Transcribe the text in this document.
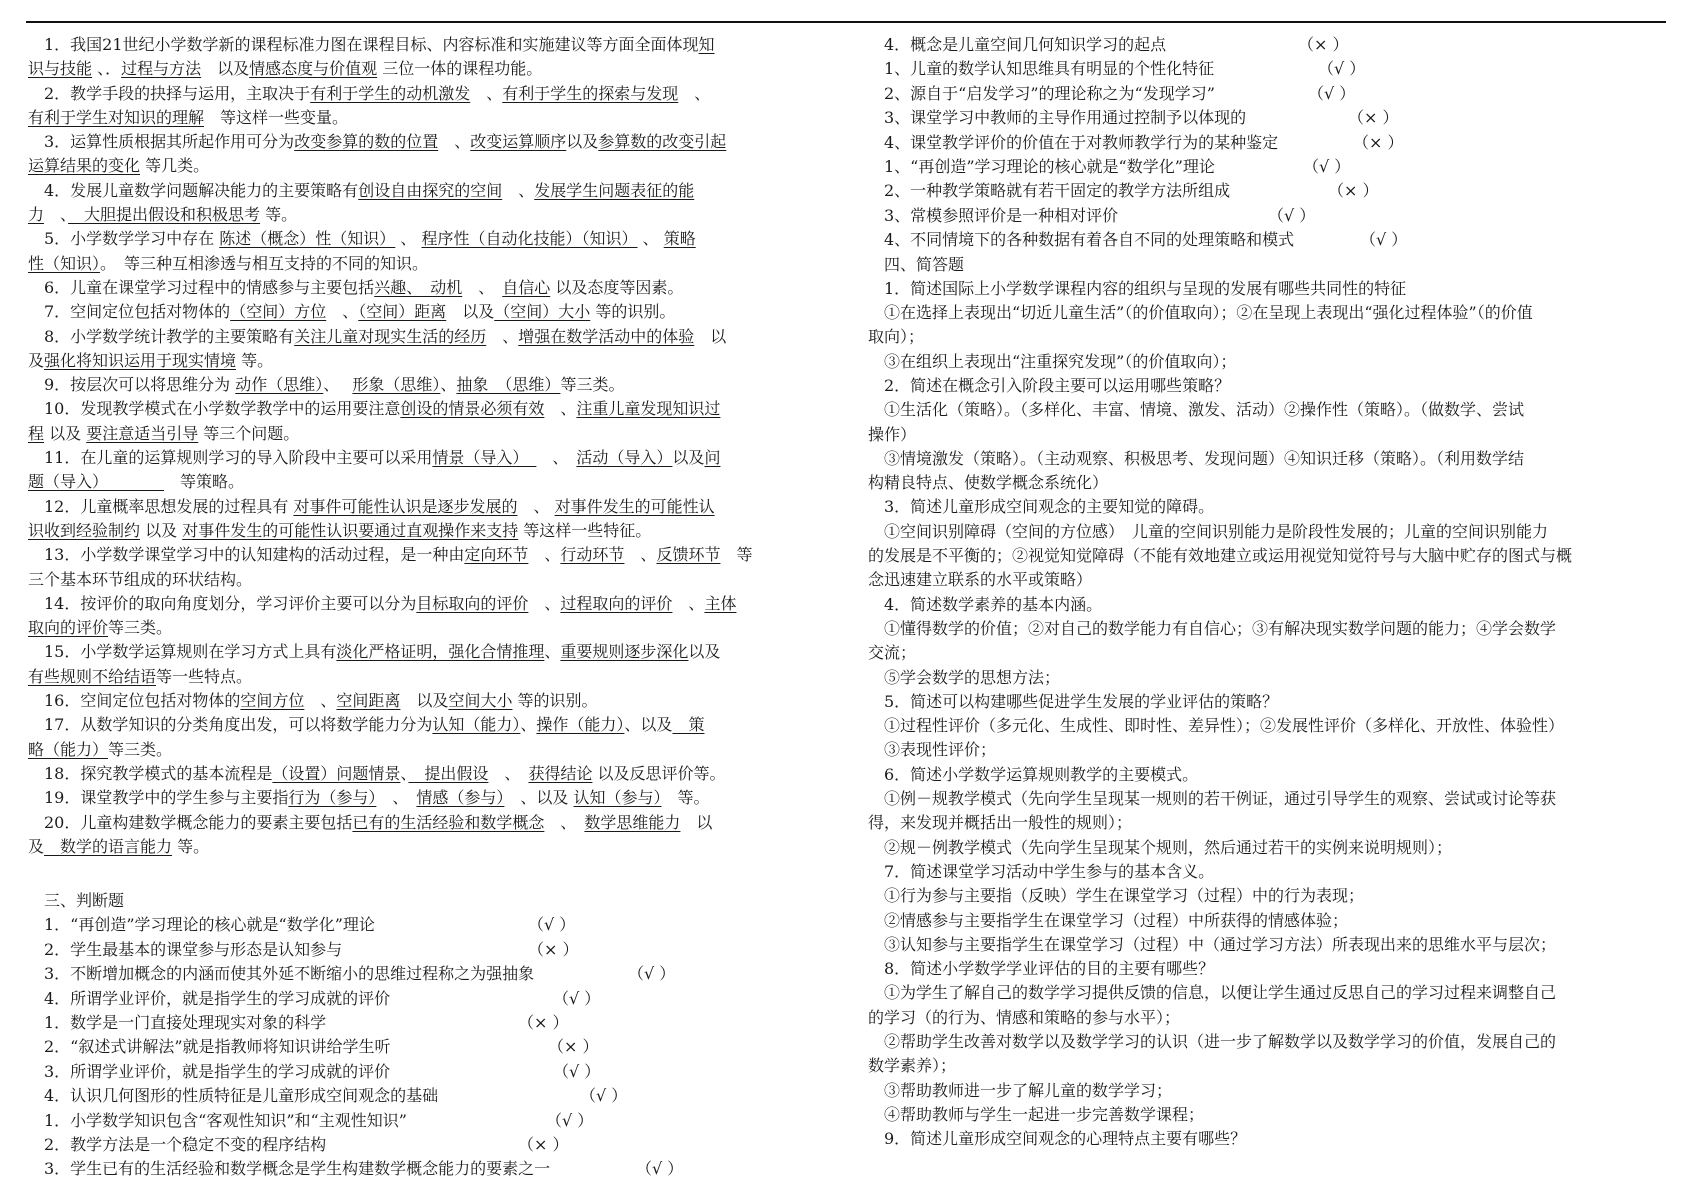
　1．我国21世纪小学数学新的课程标准力图在课程目标、内容标准和实施建议等方面全面体现知
识与技能 、．过程与方法　以及情感态度与价值观 三位一体的课程功能。
　2．教学手段的抉择与运用，主取决于有利于学生的动机激发　、有利于学生的探索与发现　、
有利于学生对知识的理解　等这样一些变量。
　3．运算性质根据其所起作用可分为改变参算的数的位置　、改变运算顺序以及参算数的改变引起
运算结果的变化 等几类。
　4．发展儿童数学问题解决能力的主要策略有创设自由探究的空间　、发展学生问题表征的能
力　、　大胆提出假设和积极思考 等。
　5．小学数学学习中存在 陈述（概念）性（知识） 、 程序性（自动化技能）（知识） 、 策略
性（知识）。　等三种互相渗透与相互支持的不同的知识。
　6．儿童在课堂学习过程中的情感参与主要包括兴趣、　动机　、　自信心 以及态度等因素。
　7．空间定位包括对物体的（空间）方位　、（空间）距离　以及（空间）大小 等的识别。
　8．小学数学统计教学的主要策略有关注儿童对现实生活的经历　、增强在数学活动中的体验　以
及强化将知识运用于现实情境 等。
　9．按层次可以将思维分为 动作（思维）、　 形象（思维）、抽象　（思维）等三类。
　10．发现教学模式在小学数学教学中的运用要注意创设的情景必须有效　、注重儿童发现知识过
程 以及 要注意适当引导 等三个问题。
　11．在儿童的运算规则学习的导入阶段中主要可以采用情景（导入）　　、　活动（导入）以及问
题（导入）　　　　　等策略。
　12．儿童概率思想发展的过程具有 对事件可能性认识是逐步发展的　、 对事件发生的可能性认
识收到经验制约 以及 对事件发生的可能性认识要通过直观操作来支持 等这样一些特征。
　13．小学数学课堂学习中的认知建构的活动过程，是一种由定向环节　、行动环节　、反馈环节　等
三个基本环节组成的环状结构。
　14．按评价的取向角度划分，学习评价主要可以分为目标取向的评价　、过程取向的评价　、主体
取向的评价等三类。
　15．小学数学运算规则在学习方式上具有淡化严格证明，强化合情推理、重要规则逐步深化以及
有些规则不给结语等一些特点。
　16．空间定位包括对物体的空间方位　、空间距离　以及空间大小 等的识别。
　17．从数学知识的分类角度出发，可以将数学能力分为认知（能力）、操作（能力）、以及　策
略（能力）等三类。
　18．探究教学模式的基本流程是（设置）问题情景、　提出假设　、　获得结论 以及反思评价等。
　19．课堂教学中的学生参与主要指行为（参与）　、　情感（参与）　、以及 认知（参与）　等。
　20．儿童构建数学概念能力的要素主要包括已有的生活经验和数学概念　、　数学思维能力　以
及　数学的语言能力 等。
　三、判断题
　1．“再创造”学习理论的核心就是“数学化”理论	（√ ）
　2．学生最基本的课堂参与形态是认知参与	（× ）
　3．不断增加概念的内涵而使其外延不断缩小的思维过程称之为强抽象	（√ ）
　4．所谓学业评价，就是指学生的学习成就的评价	（√ ）
　1．数学是一门直接处理现实对象的科学	（× ）
　2．“叙述式讲解法”就是指教师将知识讲给学生听	（× ）
　3．所谓学业评价，就是指学生的学习成就的评价	（√ ）
　4．认识几何图形的性质特征是儿童形成空间观念的基础	（√ ）
　1．小学数学知识包含“客观性知识”和“主观性知识”	（√ ）
　2．教学方法是一个稳定不变的程序结构	（× ）
　3．学生已有的生活经验和数学概念是学生构建数学概念能力的要素之一	（√ ）
　4．概念是儿童空间几何知识学习的起点	（× ）
　1、儿童的数学认知思维具有明显的个性化特征	（√ ）
　2、源自于“启发学习”的理论称之为“发现学习”	（√ ）
　3、课堂学习中教师的主导作用通过控制予以体现的	（× ）
　4、课堂教学评价的价值在于对教师教学行为的某种鉴定	（× ）
　1、“再创造”学习理论的核心就是“数学化”理论	（√ ）
　2、一种教学策略就有若干固定的教学方法所组成	（× ）
　3、常模参照评价是一种相对评价	（√ ）
　4、不同情境下的各种数据有着各自不同的处理策略和模式	（√ ）
　四、简答题
　1．简述国际上小学数学课程内容的组织与呈现的发展有哪些共同性的特征
　①在选择上表现出“切近儿童生活”（的价值取向）；②在呈现上表现出“强化过程体验”（的价值
取向）；
　③在组织上表现出“注重探究发现”（的价值取向）；
　2．简述在概念引入阶段主要可以运用哪些策略？
　①生活化（策略）。（多样化、丰富、情境、激发、活动）②操作性（策略）。（做数学、尝试
操作）
　③情境激发（策略）。（主动观察、积极思考、发现问题）④知识迁移（策略）。（利用数学结
构精良特点、使数学概念系统化）
　3．简述儿童形成空间观念的主要知觉的障碍。
　①空间识别障碍（空间的方位感）　儿童的空间识别能力是阶段性发展的；儿童的空间识别能力
的发展是不平衡的；②视觉知觉障碍（不能有效地建立或运用视觉知觉符号与大脑中贮存的图式与概
念迅速建立联系的水平或策略）
　4．简述数学素养的基本内涵。
　①懂得数学的价值；②对自己的数学能力有自信心；③有解决现实数学问题的能力；④学会数学
交流；
　⑤学会数学的思想方法；
　5．简述可以构建哪些促进学生发展的学业评估的策略？
　①过程性评价（多元化、生成性、即时性、差异性）；②发展性评价（多样化、开放性、体验性）
　③表现性评价；
　6．简述小学数学运算规则教学的主要模式。
　①例－规教学模式（先向学生呈现某一规则的若干例证，通过引导学生的观察、尝试或讨论等获
得，来发现并概括出一般性的规则）；
　②规－例教学模式（先向学生呈现某个规则，然后通过若干的实例来说明规则）；
　7．简述课堂学习活动中学生参与的基本含义。
　①行为参与主要指（反映）学生在课堂学习（过程）中的行为表现；
　②情感参与主要指学生在课堂学习（过程）中所获得的情感体验；
　③认知参与主要指学生在课堂学习（过程）中（通过学习方法）所表现出来的思维水平与层次；
　8．简述小学数学学业评估的目的主要有哪些？
　①为学生了解自己的数学学习提供反馈的信息，以便让学生通过反思自己的学习过程来调整自己
的学习（的行为、情感和策略的参与水平）；
　②帮助学生改善对数学以及数学学习的认识（进一步了解数学以及数学学习的价值，发展自己的
数学素养）；
　③帮助教师进一步了解儿童的数学学习；
　④帮助教师与学生一起进一步完善数学课程；
　9．简述儿童形成空间观念的心理特点主要有哪些？
